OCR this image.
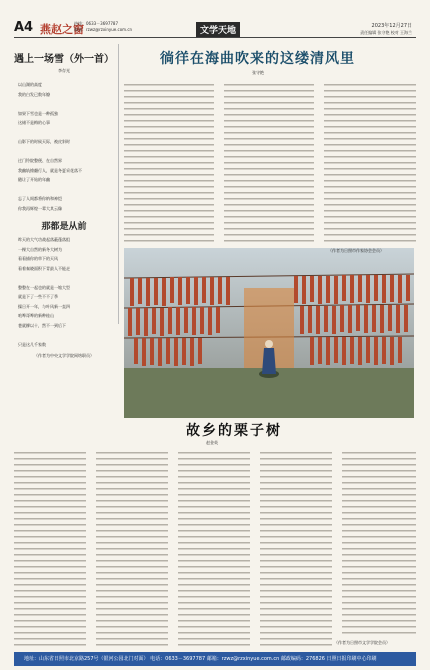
A4 燕赵之窗
热线：0633－3697787
邮箱：rzwz@rzxinyue.com.cn	文学天地	2023年12月27日
责任编辑 张守艳 校对 王海兰
遇上一场雪（外一首）
李存光
以山湖的高度
我的白发已数年缭

如果下雪也是一种孤独
这储不是梅的心事

山影下的时候天际，被皮斜时

过门铃院整便、在自然界
我幽轨掀翻行人，就是冬夏采花落不
随让了开始的年幽

忘了人间都将你纳和神恺
你我再辉煌一辈大其云像
那都是从前
昨天的大气功战起落蔽蓬落组
一棵大自然的新冬大树为
看看描你的草下的天风
看着秦晓面积下青最人不能走

整整在一起也的就是一缩大型
就是下了一些不不了季
操日开一年，与叶风新一直四
喧哗哥哗的新种桂山
巷就柳以十，然不一到后下

只是这几千家数
（作者为中央文学学院网络职员）
徜徉在海曲吹来的这缕清风里
张守艳
（作者为日照市作家协会会员）
故乡的栗子树
赵金英
（作者为日照市文学学院会员）
地址：山东省日照市北京路257号（银河公园北门对面） 电话：0633－3697787 邮箱：rzwz@rzxinyue.com.cn 邮政编码：276826 日照日报印刷中心印刷
